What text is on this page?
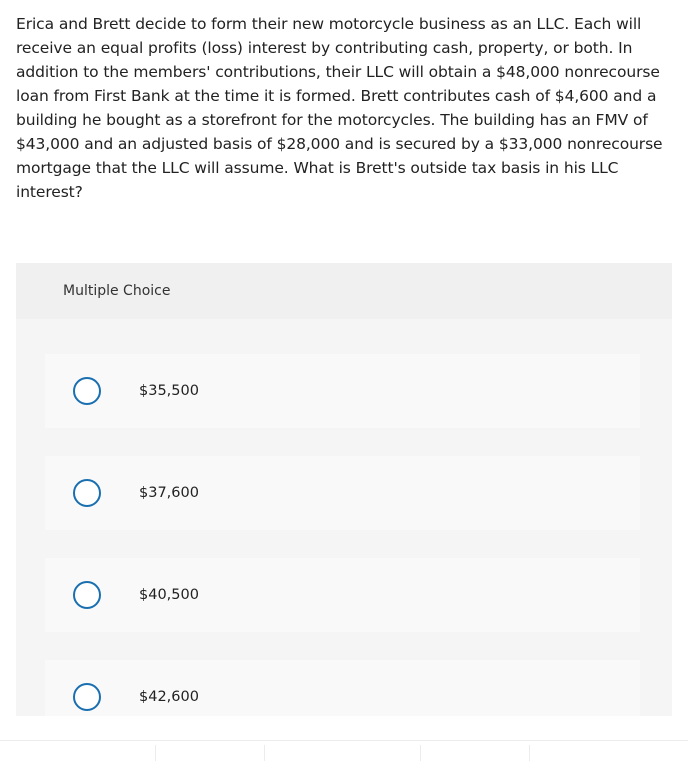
Erica and Brett decide to form their new motorcycle business as an LLC. Each will receive an equal profits (loss) interest by contributing cash, property, or both. In addition to the members' contributions, their LLC will obtain a $48,000 nonrecourse loan from First Bank at the time it is formed. Brett contributes cash of $4,600 and a building he bought as a storefront for the motorcycles. The building has an FMV of $43,000 and an adjusted basis of $28,000 and is secured by a $33,000 nonrecourse mortgage that the LLC will assume. What is Brett's outside tax basis in his LLC interest?
Multiple Choice
$35,500
$37,600
$40,500
$42,600
